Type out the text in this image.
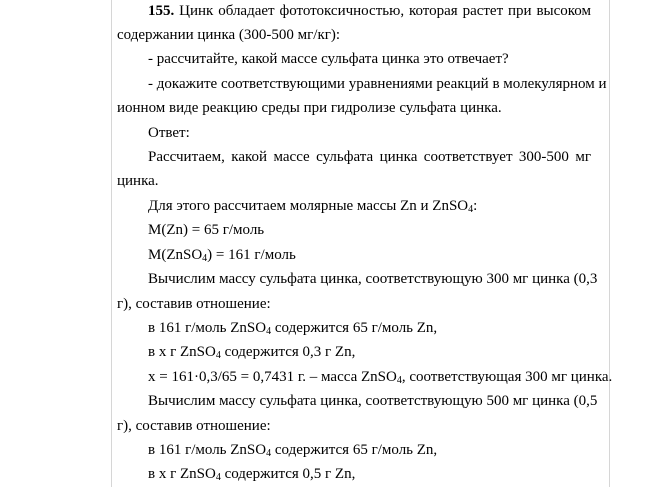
155. Цинк обладает фототоксичностью, которая растет при высоком

содержании цинка (300-500 мг/кг):

- рассчитайте, какой массе сульфата цинка это отвечает?

- докажите соответствующими уравнениями реакций в молекулярном и

ионном виде реакцию среды при гидролизе сульфата цинка.

Ответ:

Рассчитаем, какой массе сульфата цинка соответствует 300-500 мг

цинка.

Для этого рассчитаем молярные массы Zn и ZnSO$_4$:

M(Zn) = 65 г/моль

M(ZnSO$_4$) = 161 г/моль

Вычислим массу сульфата цинка, соответствующую 300 мг цинка (0,3

г), составив отношение:

в 161 г/моль ZnSO$_4$ содержится 65 г/моль Zn,

в х г ZnSO$_4$ содержится 0,3 г Zn,

х = 161·0,3/65 = 0,7431 г. – масса ZnSO$_4$, соответствующая 300 мг цинка.

Вычислим массу сульфата цинка, соответствующую 500 мг цинка (0,5

г), составив отношение:

в 161 г/моль ZnSO$_4$ содержится 65 г/моль Zn,

в х г ZnSO$_4$ содержится 0,5 г Zn,
